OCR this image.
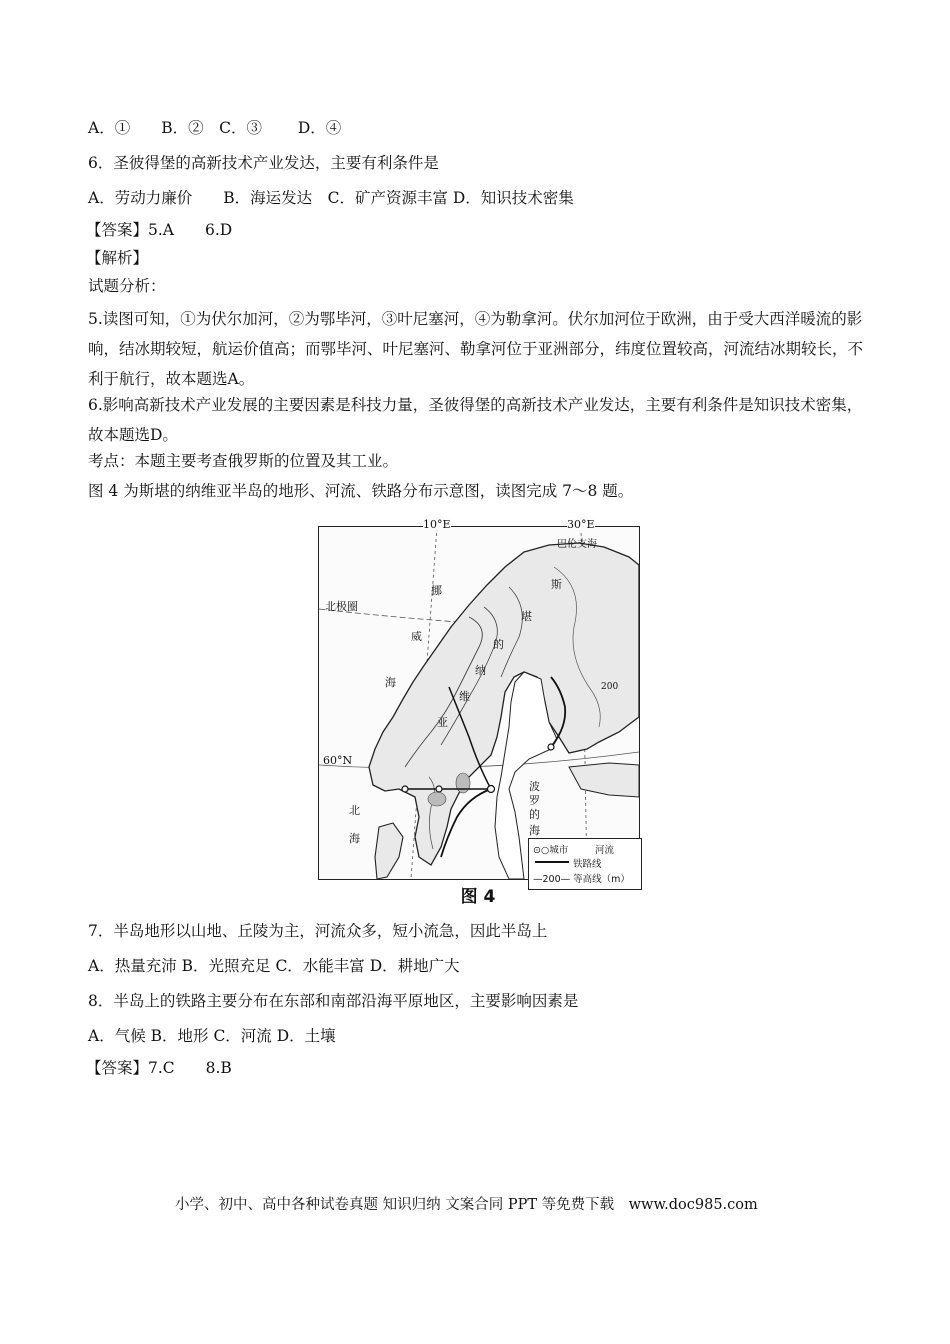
A．①　　B．②　C．③　　 D．④
6．圣彼得堡的高新技术产业发达，主要有利条件是
A．劳动力廉价　　B．海运发达　C．矿产资源丰富 D．知识技术密集
【答案】5.A　　6.D
【解析】
试题分析：
5.读图可知，①为伏尔加河，②为鄂毕河，③叶尼塞河，④为勒拿河。伏尔加河位于欧洲，由于受大西洋暖流的影响，结冰期较短，航运价值高；而鄂毕河、叶尼塞河、勒拿河位于亚洲部分，纬度位置较高，河流结冰期较长，不利于航行，故本题选A。
6.影响高新技术产业发展的主要因素是科技力量，圣彼得堡的高新技术产业发达，主要有利条件是知识技术密集，故本题选D。
考点：本题主要考查俄罗斯的位置及其工业。
图 4 为斯堪的纳维亚半岛的地形、河流、铁路分布示意图，读图完成 7～8 题。
10°E	30°E
巴伦支海
北极圈
60°N
挪
威
海
斯
堪
的
纳
维
亚
北
海
波
罗
的
海
200
⊙○城市	河流
铁路线
—200— 等高线（m）
图 4
7．半岛地形以山地、丘陵为主，河流众多，短小流急，因此半岛上
A．热量充沛 B．光照充足 C．水能丰富 D．耕地广大
8．半岛上的铁路主要分布在东部和南部沿海平原地区，主要影响因素是
A．气候 B．地形 C．河流 D．土壤
【答案】7.C　　8.B
小学、初中、高中各种试卷真题 知识归纳 文案合同 PPT 等免费下载　www.doc985.com
